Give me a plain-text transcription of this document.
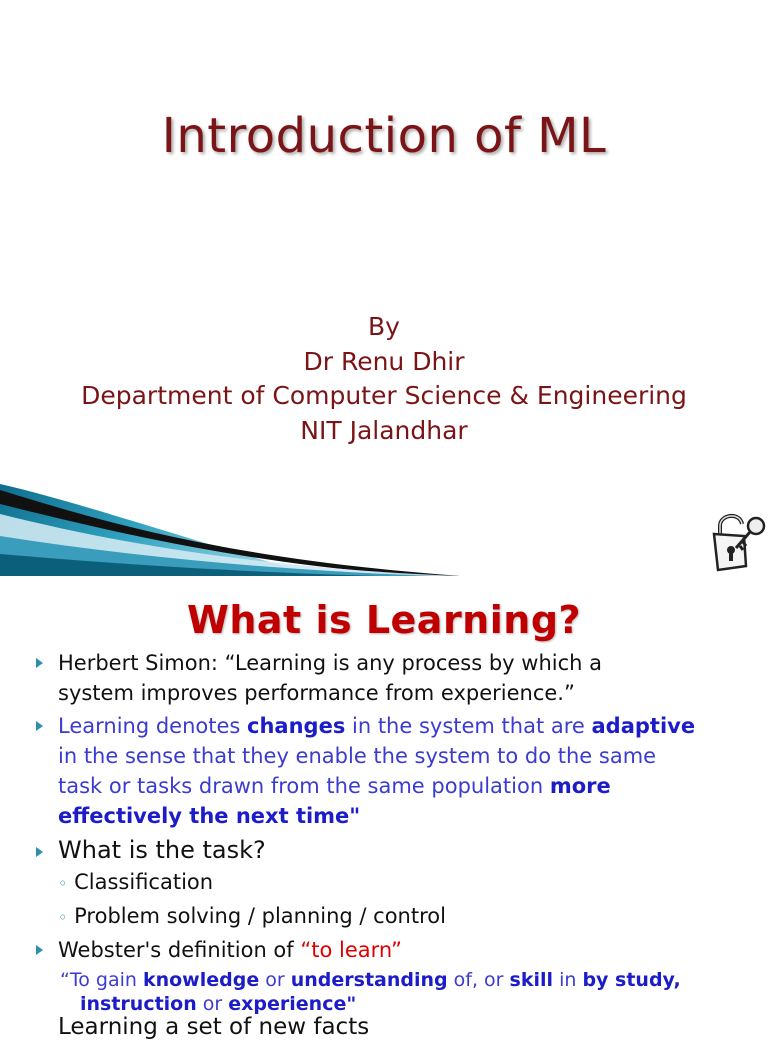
Introduction of ML
By
Dr Renu Dhir
Department of Computer Science & Engineering
NIT Jalandhar
What is Learning?
Herbert Simon: “Learning is any process by which a
system improves performance from experience.”
Learning denotes changes in the system that are adaptive
in the sense that they enable the system to do the same
task or tasks drawn from the same population more
effectively the next time"
What is the task?
◦ Classification
◦ Problem solving / planning / control
Webster's definition of “to learn”
“To gain knowledge or understanding of, or skill in by study,
instruction or experience"
Learning a set of new facts
